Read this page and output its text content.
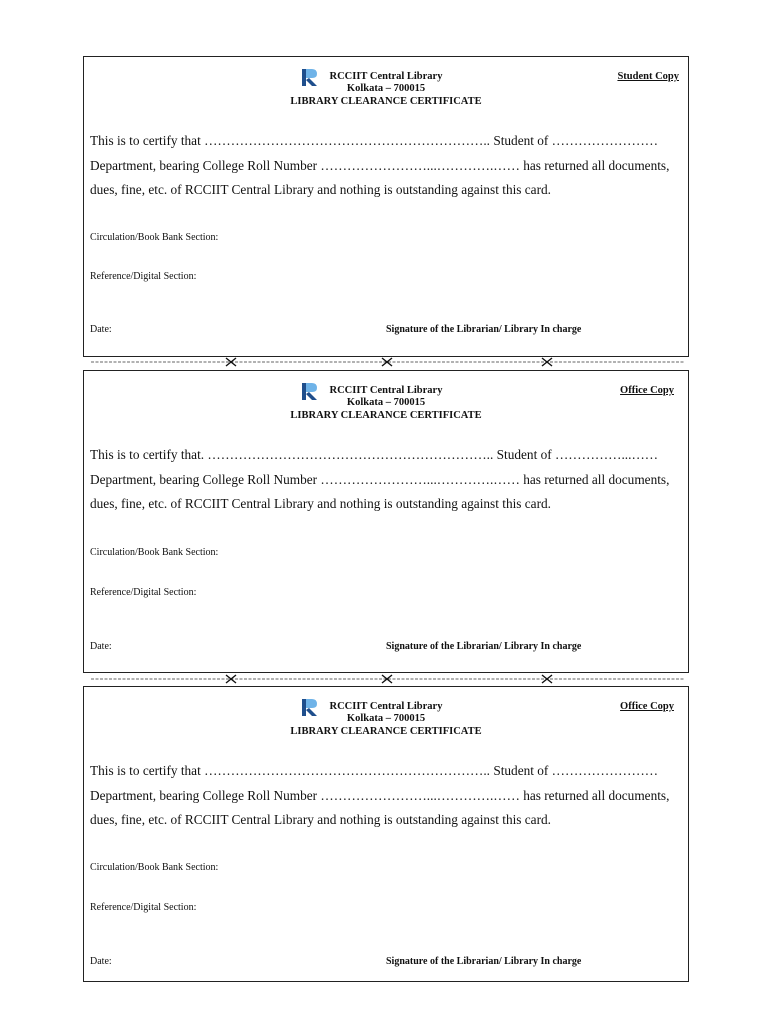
RCCIIT Central Library
Kolkata – 700015
LIBRARY CLEARANCE CERTIFICATE
Student Copy
This is to certify that ……………………………………………………….. Student of ……………………
Department, bearing College Roll Number ……………………...………….…… has returned all documents,
dues, fine, etc. of RCCIIT Central Library and nothing is outstanding against this card.
Circulation/Book Bank Section:
Reference/Digital Section:
Date:	Signature of the Librarian/ Library In charge
RCCIIT Central Library
Kolkata – 700015
LIBRARY CLEARANCE CERTIFICATE
Office Copy
This is to certify that. ……………………………………………………….. Student of ……………...……
Department, bearing College Roll Number ……………………...………….…… has returned all documents,
dues, fine, etc. of RCCIIT Central Library and nothing is outstanding against this card.
Circulation/Book Bank Section:
Reference/Digital Section:
Date:	Signature of the Librarian/ Library In charge
RCCIIT Central Library
Kolkata – 700015
LIBRARY CLEARANCE CERTIFICATE
Office Copy
This is to certify that ……………………………………………………….. Student of ……………………
Department, bearing College Roll Number ……………………...………….…… has returned all documents,
dues, fine, etc. of RCCIIT Central Library and nothing is outstanding against this card.
Circulation/Book Bank Section:
Reference/Digital Section:
Date:	Signature of the Librarian/ Library In charge
